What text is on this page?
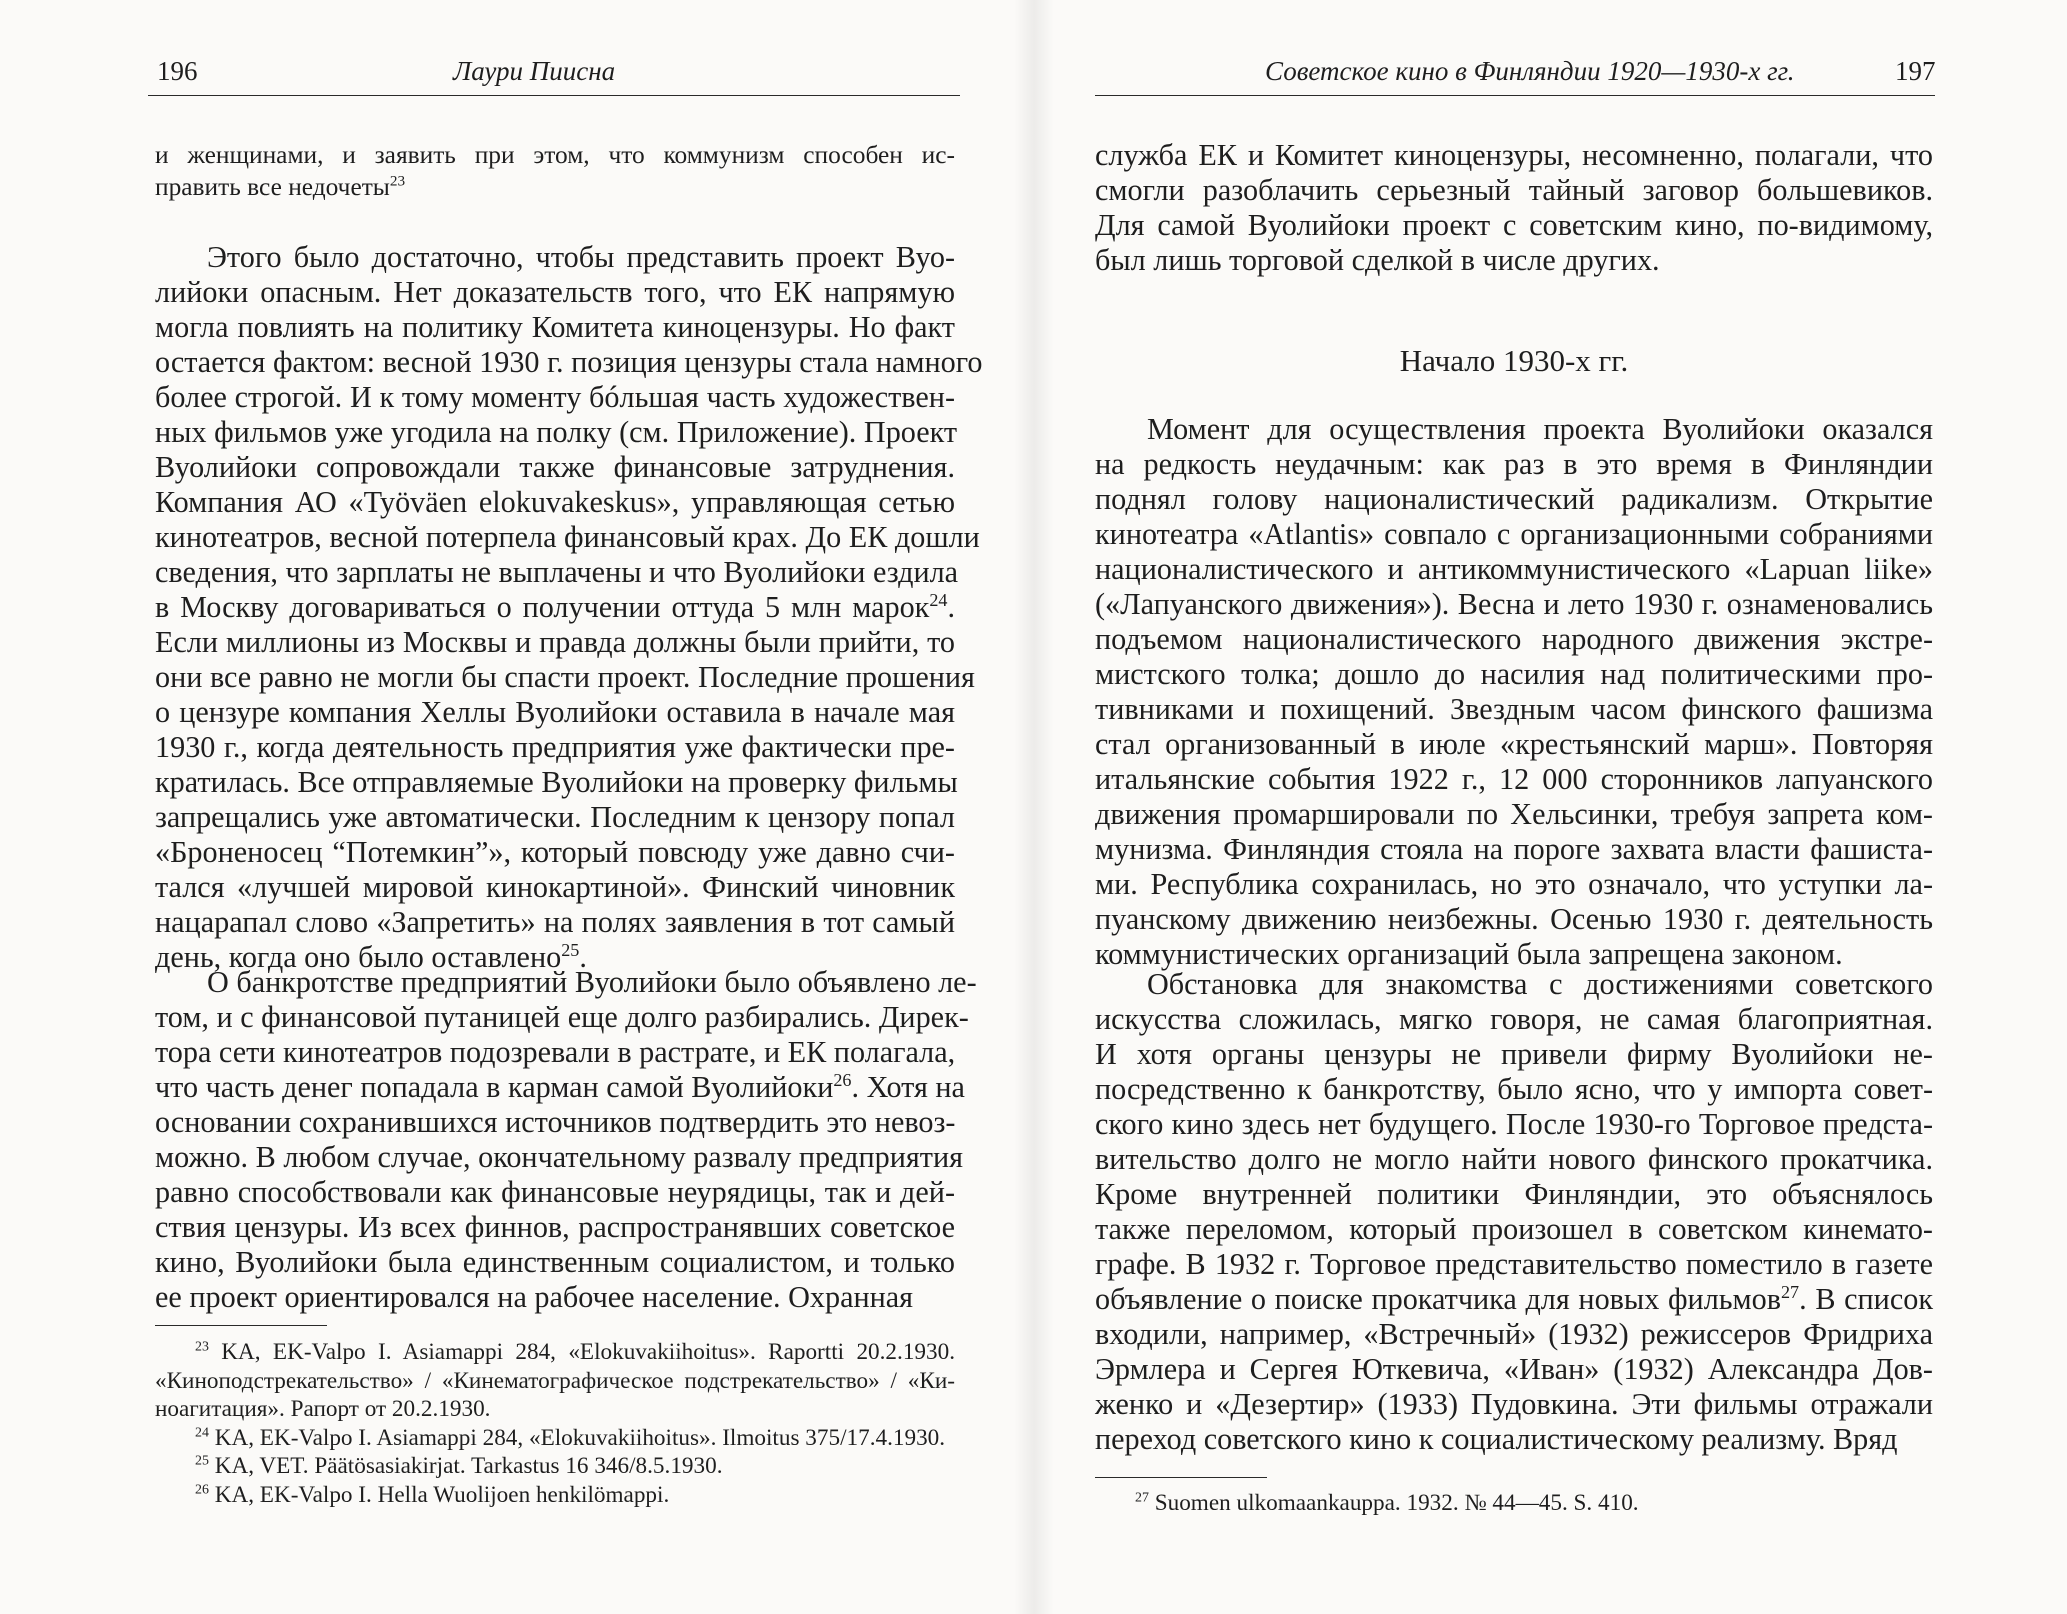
196	Лаури Пиисна
и женщинами, и заявить при этом, что коммунизм способен ис-
править все недочеты$^{23}$
Этого было достаточно, чтобы представить проект Вуо-
лийоки опасным. Нет доказательств того, что ЕК напрямую
могла повлиять на политику Комитета киноцензуры. Но факт
остается фактом: весной 1930 г. позиция цензуры стала намного
более строгой. И к тому моменту бóльшая часть художествен-
ных фильмов уже угодила на полку (см. Приложение). Проект
Вуолийоки сопровождали также финансовые затруднения.
Компания АО «Työväen elokuvakeskus», управляющая сетью
кинотеатров, весной потерпела финансовый крах. До ЕК дошли
сведения, что зарплаты не выплачены и что Вуолийоки ездила
в Москву договариваться о получении оттуда 5 млн марок$^{24}$.
Если миллионы из Москвы и правда должны были прийти, то
они все равно не могли бы спасти проект. Последние прошения
о цензуре компания Хеллы Вуолийоки оставила в начале мая
1930 г., когда деятельность предприятия уже фактически пре-
кратилась. Все отправляемые Вуолийоки на проверку фильмы
запрещались уже автоматически. Последним к цензору попал
«Броненосец “Потемкин”», который повсюду уже давно счи-
тался «лучшей мировой кинокартиной». Финский чиновник
нацарапал слово «Запретить» на полях заявления в тот самый
день, когда оно было оставлено$^{25}$.
О банкротстве предприятий Вуолийоки было объявлено ле-
том, и с финансовой путаницей еще долго разбирались. Дирек-
тора сети кинотеатров подозревали в растрате, и ЕК полагала,
что часть денег попадала в карман самой Вуолийоки$^{26}$. Хотя на
основании сохранившихся источников подтвердить это невоз-
можно. В любом случае, окончательному развалу предприятия
равно способствовали как финансовые неурядицы, так и дей-
ствия цензуры. Из всех финнов, распространявших советское
кино, Вуолийоки была единственным социалистом, и только
ее проект ориентировался на рабочее население. Охранная
$^{23}$ KA, EK-Valpo I. Asiamappi 284, «Elokuvakiihoitus». Raportti 20.2.1930.
«Киноподстрекательство» / «Кинематографическое подстрекательство» / «Ки-
ноагитация». Рапорт от 20.2.1930.
$^{24}$ KA, EK-Valpo I. Asiamappi 284, «Elokuvakiihoitus». Ilmoitus 375/17.4.1930.
$^{25}$ KA, VET. Päätösasiakirjat. Tarkastus 16 346/8.5.1930.
$^{26}$ KA, EK-Valpo I. Hella Wuolijoen henkilömappi.
Советское кино в Финляндии 1920—1930-х гг.	197
служба ЕК и Комитет киноцензуры, несомненно, полагали, что
смогли разоблачить серьезный тайный заговор большевиков.
Для самой Вуолийоки проект с советским кино, по-видимому,
был лишь торговой сделкой в числе других.
Начало 1930-х гг.
Момент для осуществления проекта Вуолийоки оказался
на редкость неудачным: как раз в это время в Финляндии
поднял голову националистический радикализм. Открытие
кинотеатра «Atlantis» совпало с организационными собраниями
националистического и антикоммунистического «Lapuan liike»
(«Лапуанского движения»). Весна и лето 1930 г. ознаменовались
подъемом националистического народного движения экстре-
мистского толка; дошло до насилия над политическими про-
тивниками и похищений. Звездным часом финского фашизма
стал организованный в июле «крестьянский марш». Повторяя
итальянские события 1922 г., 12 000 сторонников лапуанского
движения промаршировали по Хельсинки, требуя запрета ком-
мунизма. Финляндия стояла на пороге захвата власти фашиста-
ми. Республика сохранилась, но это означало, что уступки ла-
пуанскому движению неизбежны. Осенью 1930 г. деятельность
коммунистических организаций была запрещена законом.
Обстановка для знакомства с достижениями советского
искусства сложилась, мягко говоря, не самая благоприятная.
И хотя органы цензуры не привели фирму Вуолийоки не-
посредственно к банкротству, было ясно, что у импорта совет-
ского кино здесь нет будущего. После 1930-го Торговое предста-
вительство долго не могло найти нового финского прокатчика.
Кроме внутренней политики Финляндии, это объяснялось
также переломом, который произошел в советском кинемато-
графе. В 1932 г. Торговое представительство поместило в газете
объявление о поиске прокатчика для новых фильмов$^{27}$. В список
входили, например, «Встречный» (1932) режиссеров Фридриха
Эрмлера и Сергея Юткевича, «Иван» (1932) Александра Дов-
женко и «Дезертир» (1933) Пудовкина. Эти фильмы отражали
переход советского кино к социалистическому реализму. Вряд
$^{27}$ Suomen ulkomaankauppa. 1932. № 44—45. S. 410.
